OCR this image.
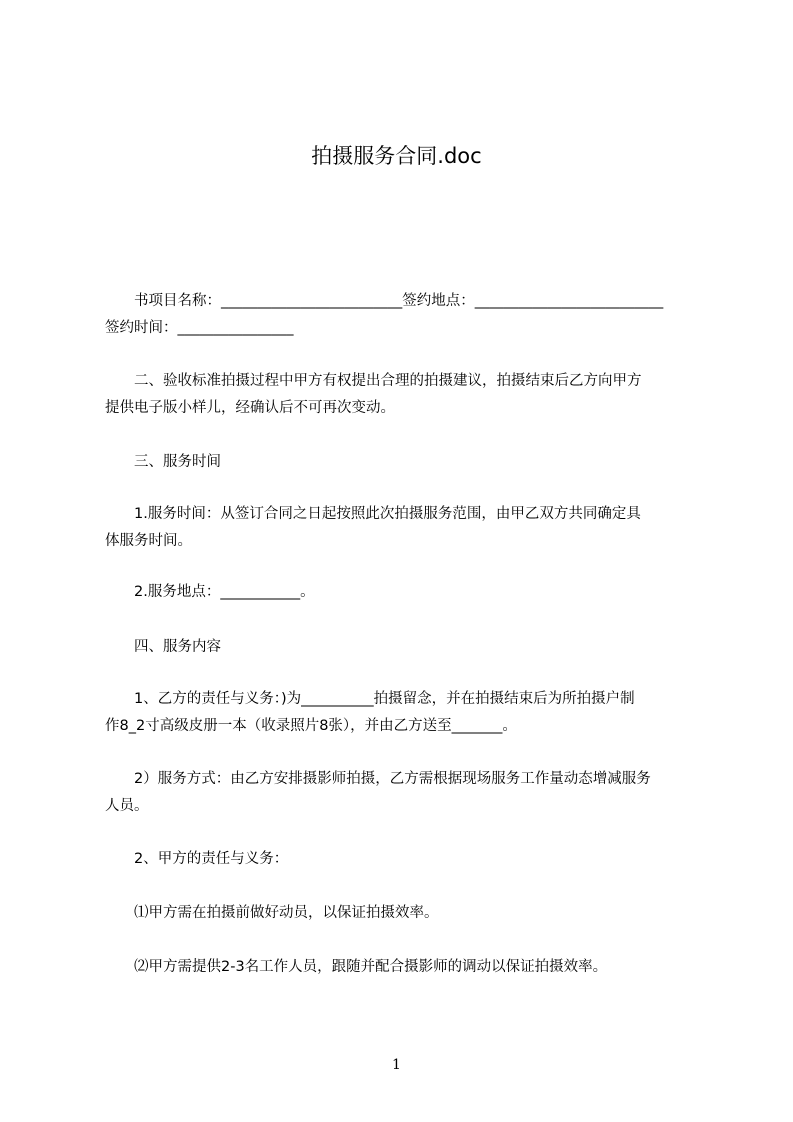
拍摄服务合同.doc
　　书项目名称：_________________________签约地点：__________________________
签约时间：________________
　　二、验收标准拍摄过程中甲方有权提出合理的拍摄建议，拍摄结束后乙方向甲方
提供电子版小样儿，经确认后不可再次变动。
　　三、服务时间
　　1.服务时间：从签订合同之日起按照此次拍摄服务范围，由甲乙双方共同确定具
体服务时间。
　　2.服务地点：___________。
　　四、服务内容
　　1、乙方的责任与义务：)为__________拍摄留念，并在拍摄结束后为所拍摄户制
作8_2寸高级皮册一本（收录照片8张），并由乙方送至_______。
　　2）服务方式：由乙方安排摄影师拍摄，乙方需根据现场服务工作量动态增减服务
人员。
　　2、甲方的责任与义务：
　　⑴甲方需在拍摄前做好动员，以保证拍摄效率。
　　⑵甲方需提供2-3名工作人员，跟随并配合摄影师的调动以保证拍摄效率。
1
